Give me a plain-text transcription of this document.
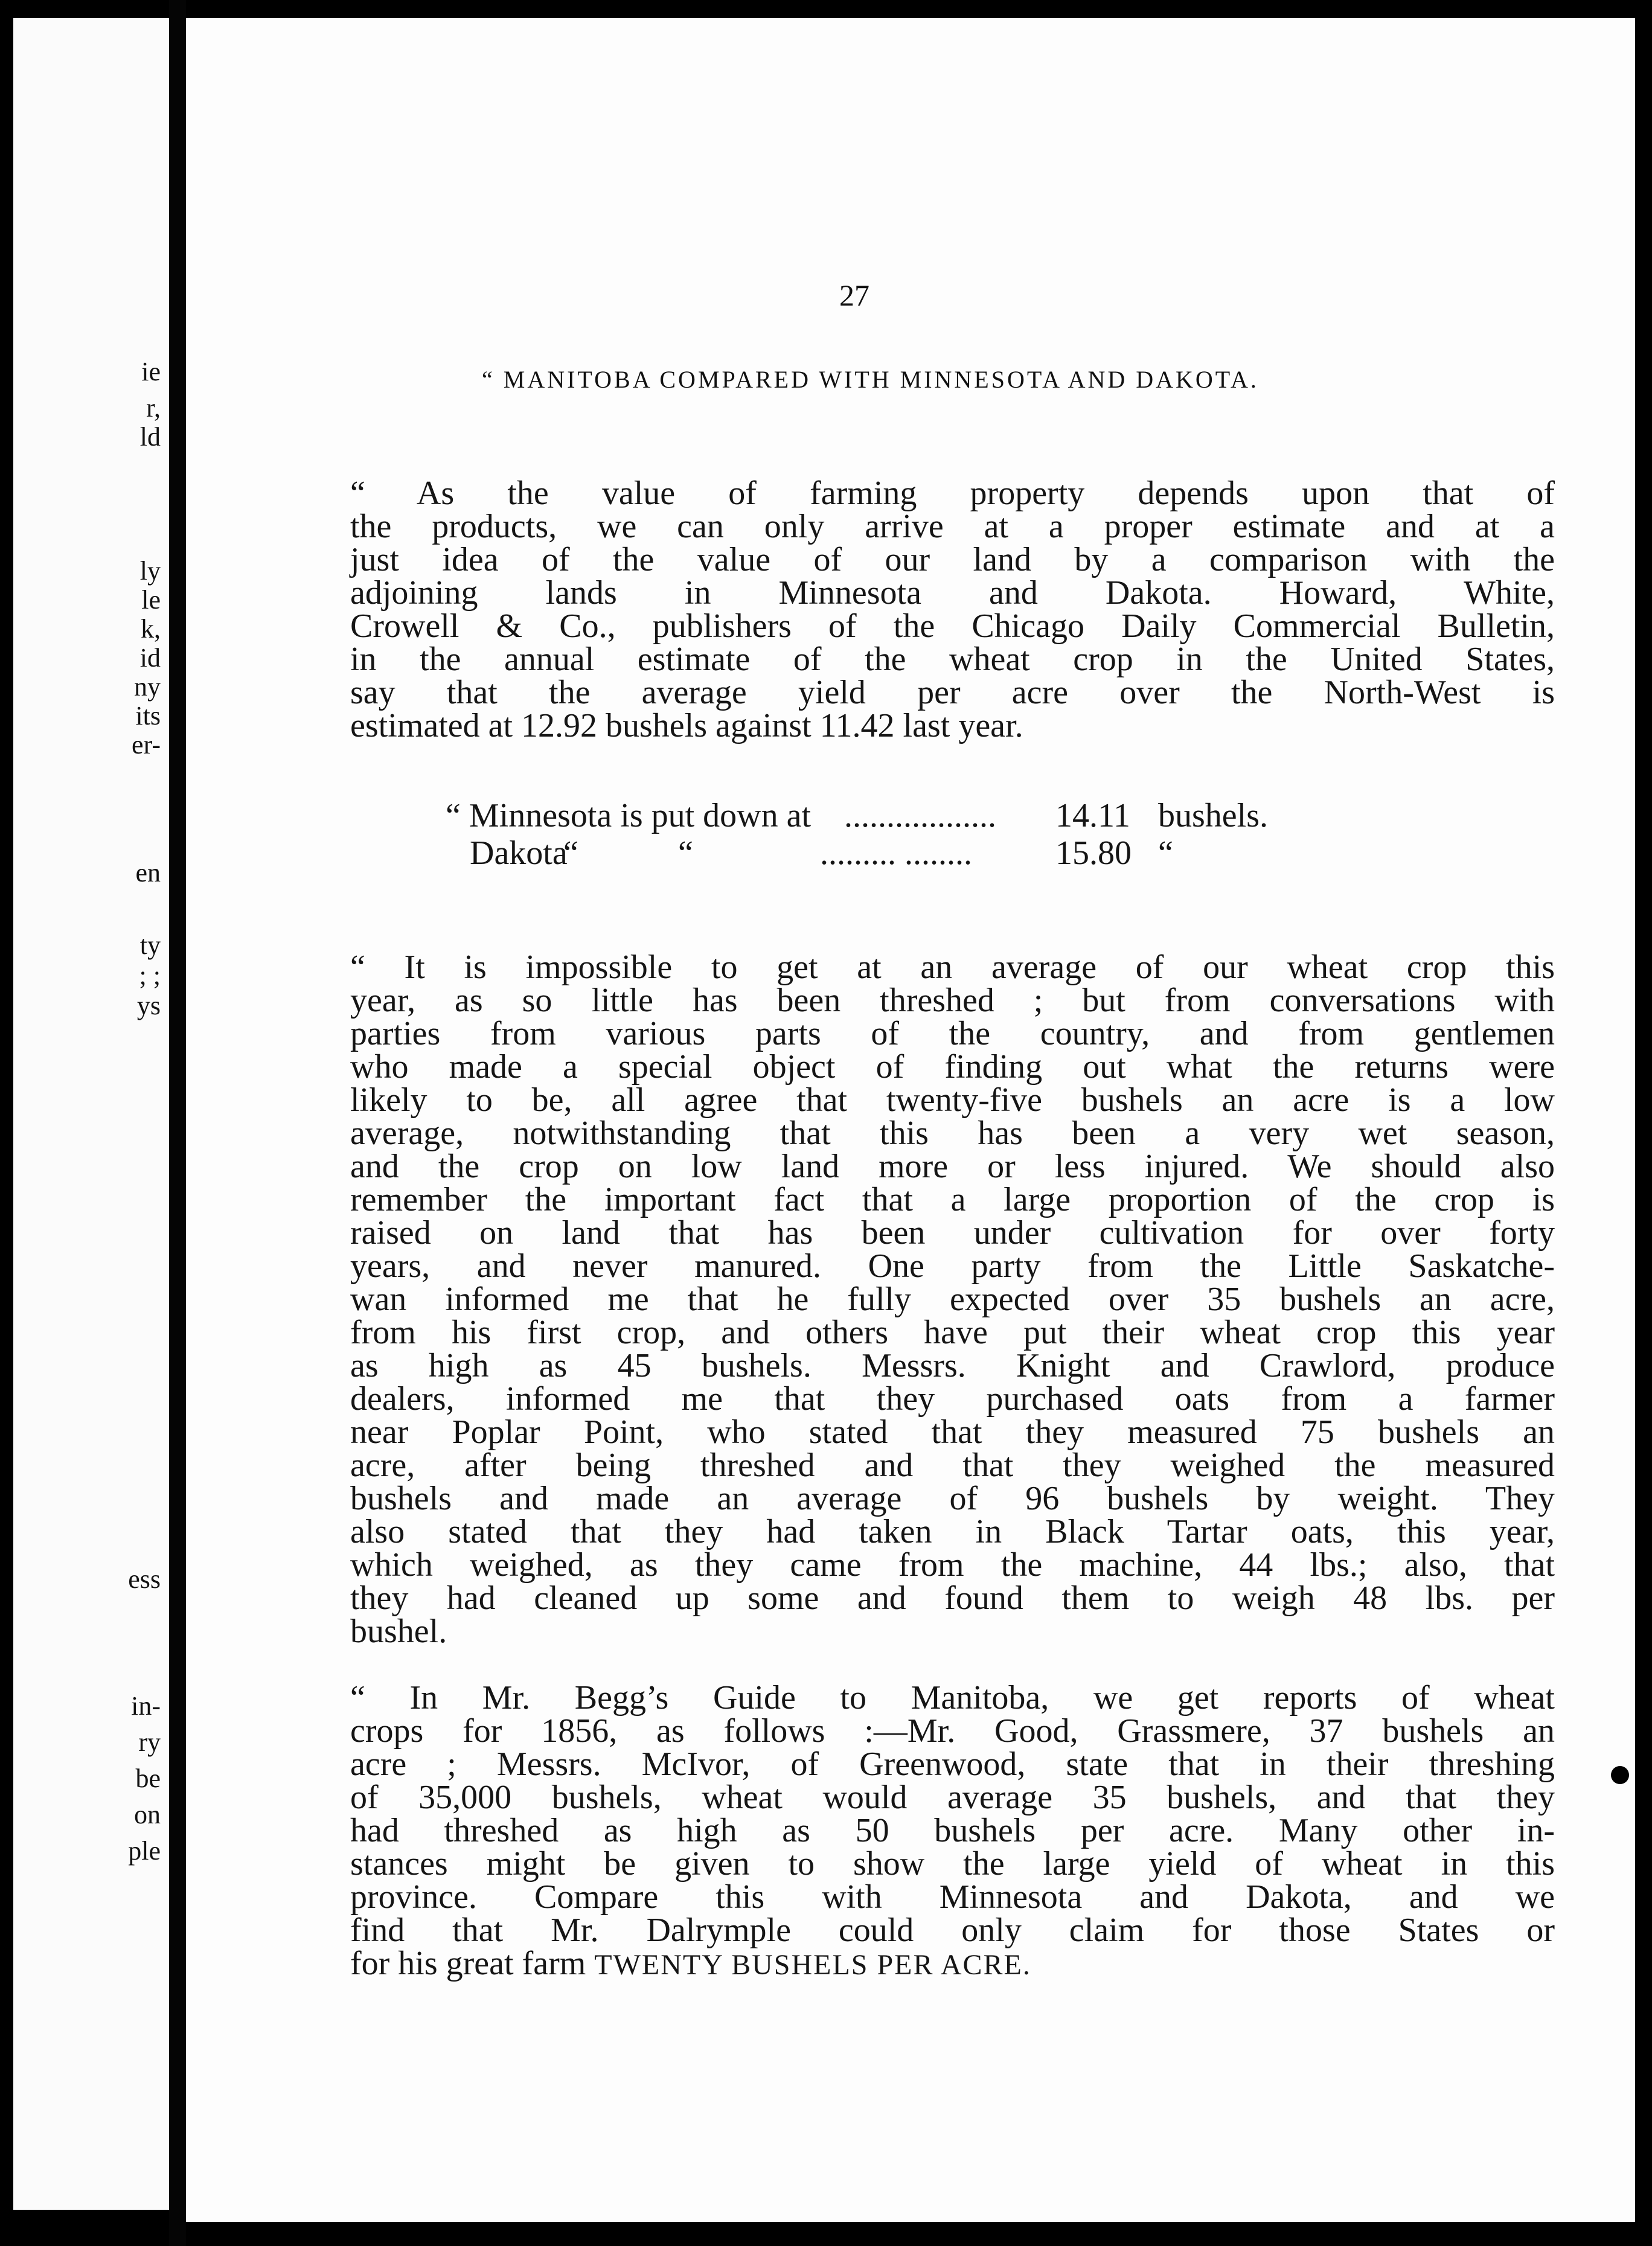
ie
r,
ld
ly
le
k,
id
ny
its
er-
en
ty
; ;
ys
ess
in-
ry
be
on
ple
27
“ MANITOBA COMPARED WITH MINNESOTA AND DAKOTA.

“ As the value of farming property depends upon that of
the products, we can only arrive at a proper estimate and at a
just idea of the value of our land by a comparison with the
adjoining lands in Minnesota and Dakota. Howard, White,
Crowell & Co., publishers of the Chicago Daily Commercial Bulletin,
in the annual estimate of the wheat crop in the United States,
say that the average yield per acre over the North-West is
estimated at 12.92 bushels against 11.42 last year.

“ Minnesota is put down at .................. 14.11 bushels.
Dakota
“	“	......... ........ 15.80 “

“ It is impossible to get at an average of our wheat crop this
year, as so little has been threshed ; but from conversations with
parties from various parts of the country, and from gentlemen
who made a special object of finding out what the returns were
likely to be, all agree that twenty-five bushels an acre is a low
average, notwithstanding that this has been a very wet season,
and the crop on low land more or less injured. We should also
remember the important fact that a large proportion of the crop is
raised on land that has been under cultivation for over forty
years, and never manured. One party from the Little Saskatche-
wan informed me that he fully expected over 35 bushels an acre,
from his first crop, and others have put their wheat crop this year
as high as 45 bushels. Messrs. Knight and Crawlord, produce
dealers, informed me that they purchased oats from a farmer
near Poplar Point, who stated that they measured 75 bushels an
acre, after being threshed and that they weighed the measured
bushels and made an average of 96 bushels by weight. They
also stated that they had taken in Black Tartar oats, this year,
which weighed, as they came from the machine, 44 lbs.; also, that
they had cleaned up some and found them to weigh 48 lbs. per
bushel.

“ In Mr. Begg’s Guide to Manitoba, we get reports of wheat
crops for 1856, as follows :—Mr. Good, Grassmere, 37 bushels an
acre ; Messrs. McIvor, of Greenwood, state that in their threshing
of 35,000 bushels, wheat would average 35 bushels, and that they
had threshed as high as 50 bushels per acre. Many other in-
stances might be given to show the large yield of wheat in this
province. Compare this with Minnesota and Dakota, and we
find that Mr. Dalrymple could only claim for those States or
for his great farm TWENTY BUSHELS PER ACRE.
